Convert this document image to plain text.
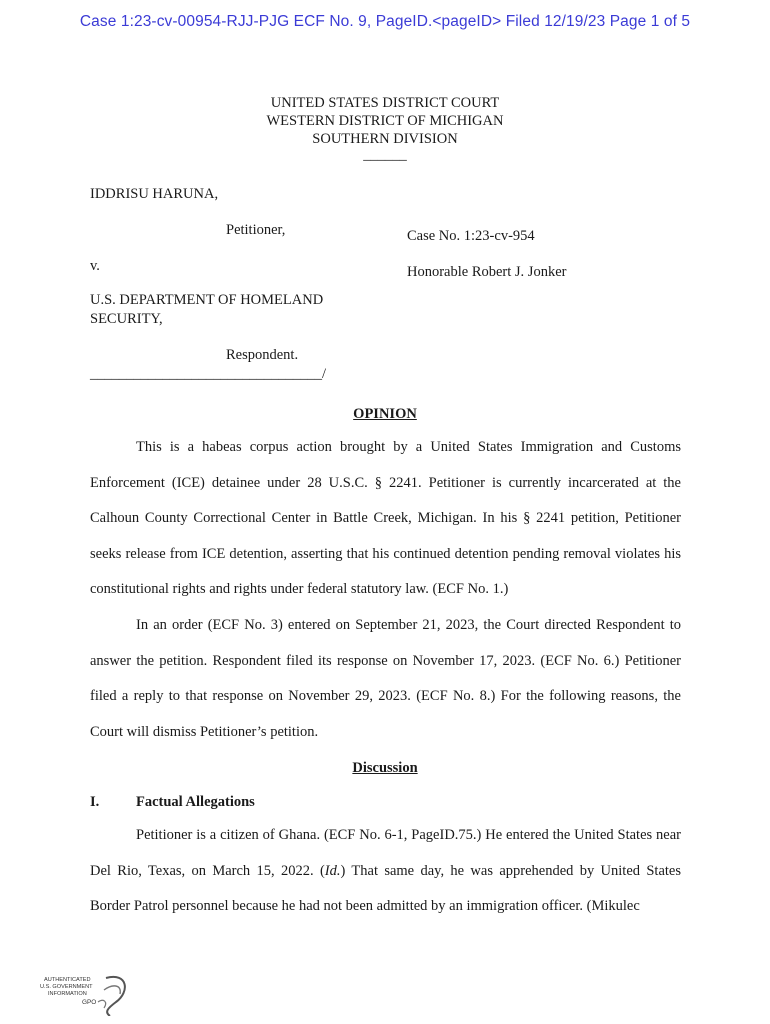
Case 1:23-cv-00954-RJJ-PJG ECF No. 9, PageID.<pageID> Filed 12/19/23 Page 1 of 5
UNITED STATES DISTRICT COURT
WESTERN DISTRICT OF MICHIGAN
SOUTHERN DIVISION
______
IDDRISU HARUNA,
Petitioner,	Case No. 1:23-cv-954
v.	Honorable Robert J. Jonker
U.S. DEPARTMENT OF HOMELAND
SECURITY,
Respondent.
________________________________/
OPINION

This is a habeas corpus action brought by a United States Immigration and Customs Enforcement (ICE) detainee under 28 U.S.C. § 2241. Petitioner is currently incarcerated at the Calhoun County Correctional Center in Battle Creek, Michigan. In his § 2241 petition, Petitioner seeks release from ICE detention, asserting that his continued detention pending removal violates his constitutional rights and rights under federal statutory law. (ECF No. 1.)

In an order (ECF No. 3) entered on September 21, 2023, the Court directed Respondent to answer the petition. Respondent filed its response on November 17, 2023. (ECF No. 6.) Petitioner filed a reply to that response on November 29, 2023. (ECF No. 8.) For the following reasons, the Court will dismiss Petitioner’s petition.

Discussion
I.	Factual Allegations

Petitioner is a citizen of Ghana. (ECF No. 6-1, PageID.75.) He entered the United States near Del Rio, Texas, on March 15, 2022. (Id.) That same day, he was apprehended by United States Border Patrol personnel because he had not been admitted by an immigration officer. (Mikulec

AUTHENTICATED
U.S. GOVERNMENT
INFORMATION
GPO
